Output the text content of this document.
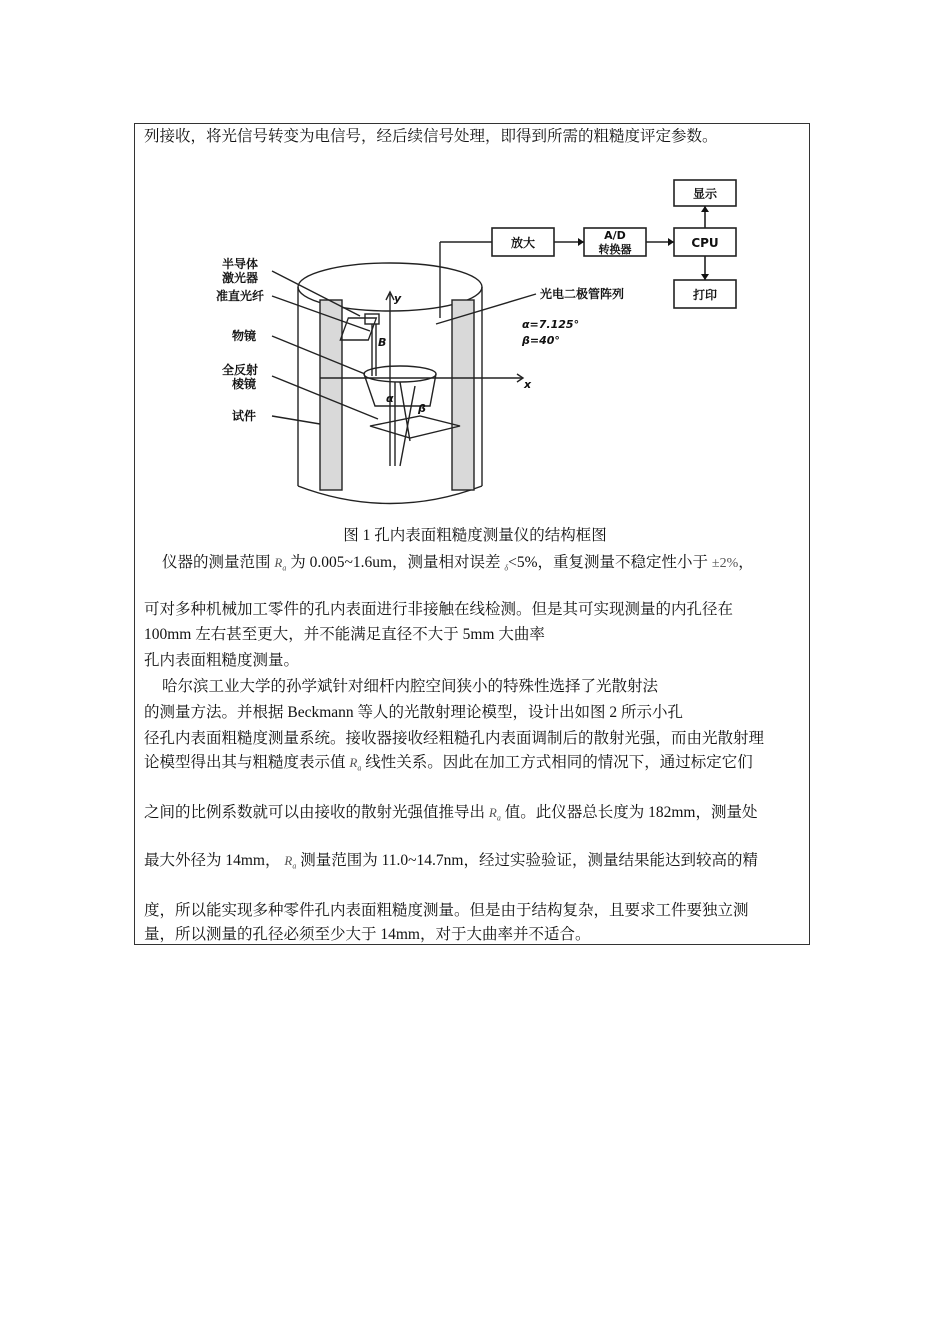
列接收，将光信号转变为电信号，经后续信号处理，即得到所需的粗糙度评定参数。
放大
A/D
转换器	CPU
显示
打印
半导体
激光器
准直光纤
物镜
全反射
棱镜
试件
光电二极管阵列
α=7.125°
β=40°
y
x
B
α
β
图 1 孔内表面粗糙度测量仪的结构框图
仪器的测量范围 $R_a$ 为 0.005~1.6um，测量相对误差 $_\delta$<5%，重复测量不稳定性小于 ±2%，
可对多种机械加工零件的孔内表面进行非接触在线检测。但是其可实现测量的内孔径在
100mm 左右甚至更大，并不能满足直径不大于 5mm 大曲率
孔内表面粗糙度测量。
哈尔滨工业大学的孙学斌针对细杆内腔空间狭小的特殊性选择了光散射法
的测量方法。并根据 Beckmann 等人的光散射理论模型，设计出如图 2 所示小孔
径孔内表面粗糙度测量系统。接收器接收经粗糙孔内表面调制后的散射光强，而由光散射理
论模型得出其与粗糙度表示值 $R_a$ 线性关系。因此在加工方式相同的情况下，通过标定它们
之间的比例系数就可以由接收的散射光强值推导出 $R_a$ 值。此仪器总长度为 182mm，测量处
最大外径为 14mm， $R_a$ 测量范围为 11.0~14.7nm，经过实验验证，测量结果能达到较高的精
度，所以能实现多种零件孔内表面粗糙度测量。但是由于结构复杂，且要求工件要独立测
量，所以测量的孔径必须至少大于 14mm，对于大曲率并不适合。
